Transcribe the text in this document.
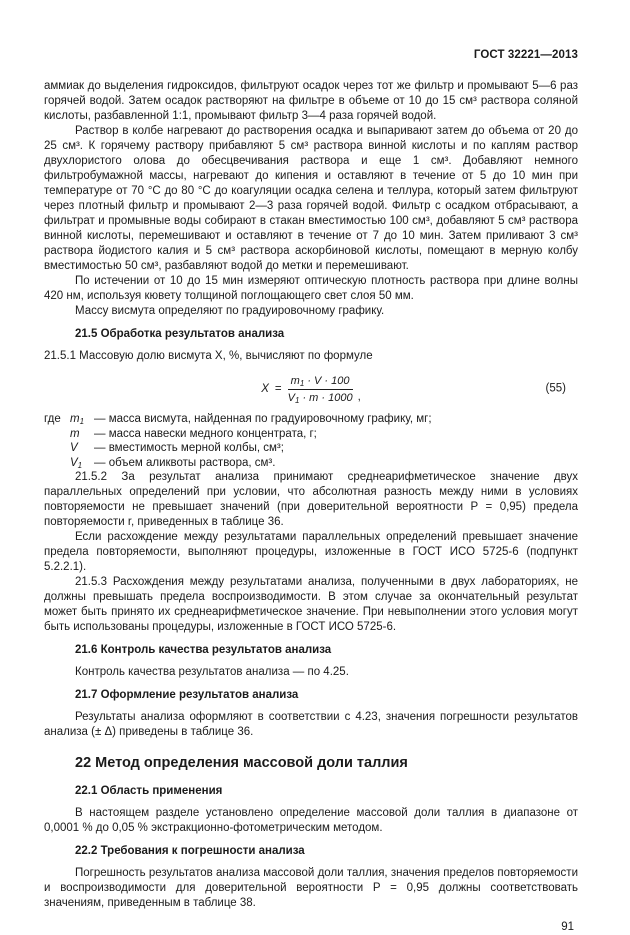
ГОСТ 32221—2013

аммиак до выделения гидроксидов, фильтруют осадок через тот же фильтр и промывают 5—6 раз горячей водой. Затем осадок растворяют на фильтре в объеме от 10 до 15 см³ раствора соляной кислоты, разбавленной 1:1, промывают фильтр 3—4 раза горячей водой.

Раствор в колбе нагревают до растворения осадка и выпаривают затем до объема от 20 до 25 см³. К горячему раствору прибавляют 5 см³ раствора винной кислоты и по каплям раствор двухлористого олова до обесцвечивания раствора и еще 1 см³. Добавляют немного фильтробумажной массы, нагревают до кипения и оставляют в течение от 5 до 10 мин при температуре от 70 °С до 80 °С до коагуляции осадка селена и теллура, который затем фильтруют через плотный фильтр и промывают 2—3 раза горячей водой. Фильтр с осадком отбрасывают, а фильтрат и промывные воды собирают в стакан вместимостью 100 см³, добавляют 5 см³ раствора винной кислоты, перемешивают и оставляют в течение от 7 до 10 мин. Затем приливают 3 см³ раствора йодистого калия и 5 см³ раствора аскорбиновой кислоты, помещают в мерную колбу вместимостью 50 см³, разбавляют водой до метки и перемешивают.

По истечении от 10 до 15 мин измеряют оптическую плотность раствора при длине волны 420 нм, используя кювету толщиной поглощающего свет слоя 50 мм.

Массу висмута определяют по градуировочному графику.

21.5 Обработка результатов анализа

21.5.1 Массовую долю висмута X, %, вычисляют по формуле

$X = \frac{m_1 \cdot V \cdot 100}{V_1 \cdot m \cdot 1000}$ ,
(55)
где $m_1$ — масса висмута, найденная по градуировочному графику, мг;
m	— масса навески медного концентрата, г;
V	— вместимость мерной колбы, см³;
$V_1$	— объем аликвоты раствора, см³.

21.5.2 За результат анализа принимают среднеарифметическое значение двух параллельных определений при условии, что абсолютная разность между ними в условиях повторяемости не превышает значений (при доверительной вероятности P = 0,95) предела повторяемости r, приведенных в таблице 36.

Если расхождение между результатами параллельных определений превышает значение предела повторяемости, выполняют процедуры, изложенные в ГОСТ ИСО 5725-6 (подпункт 5.2.2.1).

21.5.3 Расхождения между результатами анализа, полученными в двух лабораториях, не должны превышать предела воспроизводимости. В этом случае за окончательный результат может быть принято их среднеарифметическое значение. При невыполнении этого условия могут быть использованы процедуры, изложенные в ГОСТ ИСО 5725-6.

21.6 Контроль качества результатов анализа

Контроль качества результатов анализа — по 4.25.

21.7 Оформление результатов анализа

Результаты анализа оформляют в соответствии с 4.23, значения погрешности результатов анализа (± Δ) приведены в таблице 36.

22 Метод определения массовой доли таллия
22.1 Область применения

В настоящем разделе установлено определение массовой доли таллия в диапазоне от 0,0001 % до 0,05 % экстракционно-фотометрическим методом.

22.2 Требования к погрешности анализа

Погрешность результатов анализа массовой доли таллия, значения пределов повторяемости и воспроизводимости для доверительной вероятности P = 0,95 должны соответствовать значениям, приведенным в таблице 38.

91
